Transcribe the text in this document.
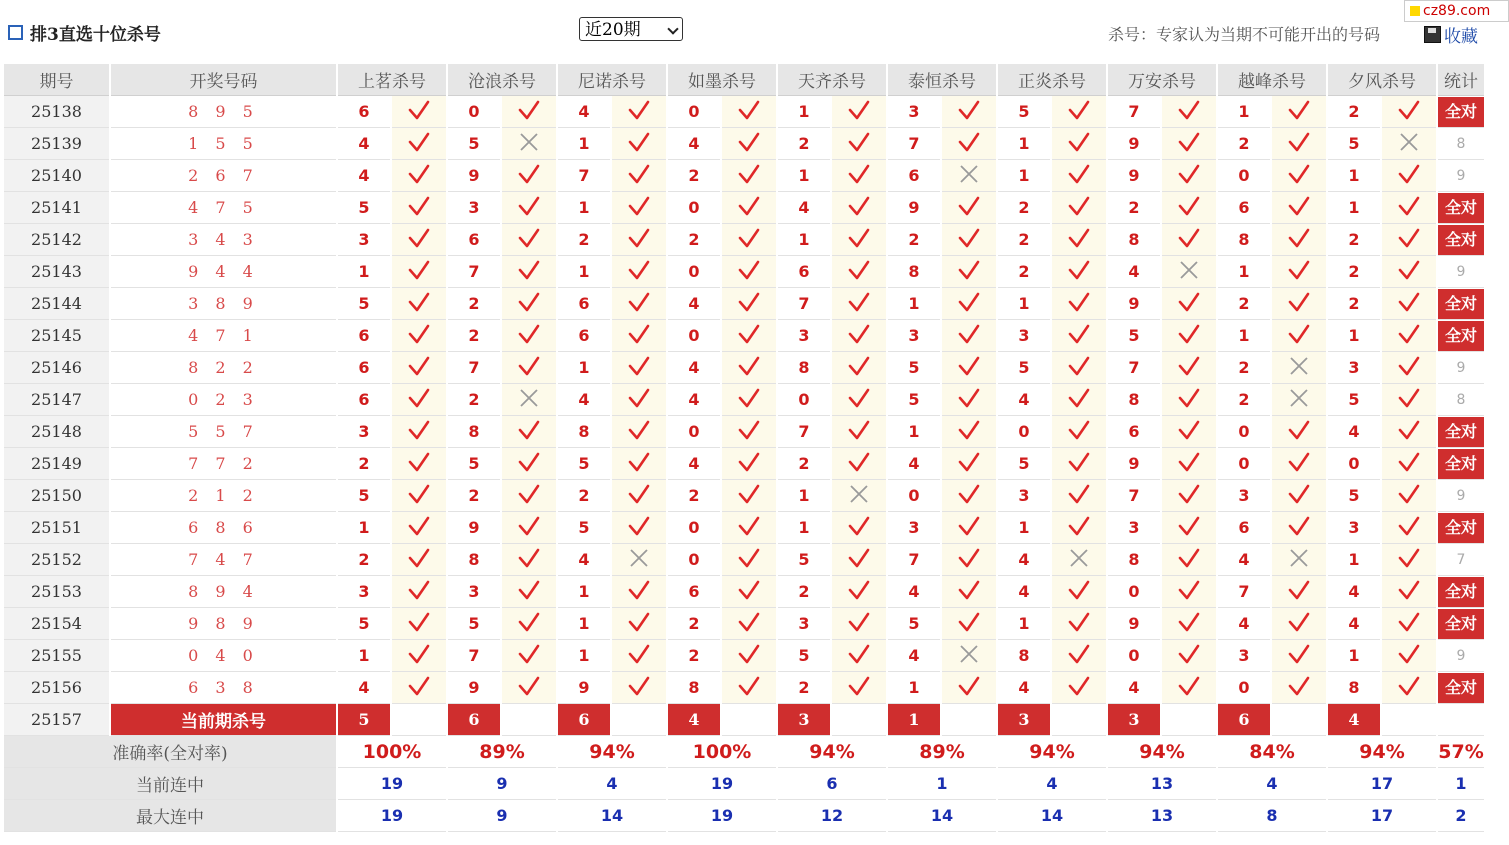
排3直选十位杀号	近20期	杀号：专家认为当期不可能开出的号码	收藏
cz89.com
期号	开奖号码	上茗杀号		沧浪杀号		尼诺杀号		如墨杀号		天齐杀号		泰恒杀号		正炎杀号		万安杀号		越峰杀号		夕风杀号		统计
25138	8 9 5	6		0		4		0		1		3		5		7		1		2		全对

25139	1 5 5	4		5		1		4		2		7		1		9		2		5		8
25140	2 6 7	4		9		7		2		1		6		1		9		0		1		9
25141	4 7 5	5		3		1		0		4		9		2		2		6		1		全对

25142	3 4 3	3		6		2		2		1		2		2		8		8		2		全对

25143	9 4 4	1		7		1		0		6		8		2		4		1		2		9
25144	3 8 9	5		2		6		4		7		1		1		9		2		2		全对

25145	4 7 1	6		2		6		0		3		3		3		5		1		1		全对

25146	8 2 2	6		7		1		4		8		5		5		7		2		3		9
25147	0 2 3	6		2		4		4		0		5		4		8		2		5		8
25148	5 5 7	3		8		8		0		7		1		0		6		0		4		全对

25149	7 7 2	2		5		5		4		2		4		5		9		0		0		全对

25150	2 1 2	5		2		2		2		1		0		3		7		3		5		9
25151	6 8 6	1		9		5		0		1		3		1		3		6		3		全对

25152	7 4 7	2		8		4		0		5		7		4		8		4		1		7
25153	8 9 4	3		3		1		6		2		4		4		0		7		4		全对

25154	9 8 9	5		5		1		2		3		5		1		9		4		4		全对

25155	0 4 0	1		7		1		2		5		4		8		0		3		1		9
25156	6 3 8	4		9		9		8		2		1		4		4		0		8		全对

25157	当前期杀号	5		6		6		4		3		1		3		3		6		4		
准确率(全对率)		100%		89%		94%		100%		94%		89%		94%		94%		84%		94%		57%
当前连中		19		9		4		19		6		1		4		13		4		17		1
最大连中		19		9		14		19		12		14		14		13		8		17		2
